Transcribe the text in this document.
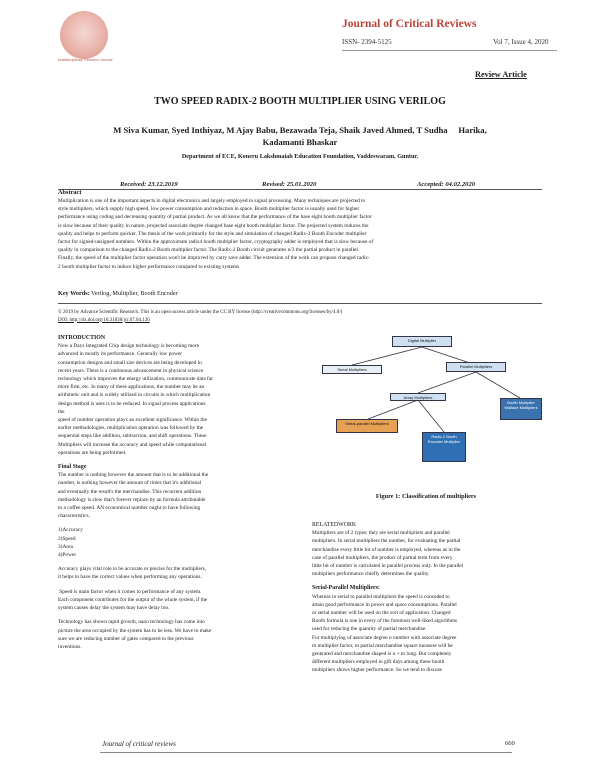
Multidisciplinary Research Journal
Journal of Critical Reviews
ISSN- 2394-5125	Vol 7, Issue 4, 2020
Review Article
TWO SPEED RADIX-2 BOOTH MULTIPLIER USING VERILOG
M Siva Kumar, Syed Inthiyaz, M Ajay Babu, Bezawada Teja, Shaik Javed Ahmed, T Sudha     Harika,
Kadamanti Bhaskar
Department of ECE, Koneru Lakshmaiah Education Foundation, Vaddeswaram, Guntur.
Received: 23.12.2019	Revised: 25.01.2020	Accepted: 04.02.2020
Abstract
Multiplication is one of the important aspects in digital electronics and largely employed in signal processing. Many techniques are projected to
style multipliers, which supply high speed, low power consumption and reduction in space. Booth multiplier factor is usually used for higher
performance using coding and decreasing quantity of partial product. As we all know that the performance of the base eight booth multiplier factor
is slow because of their quality in nature, projected associate degree changed base eight booth multiplier factor. The projected system reduces the
quality and helps to perform quicker. The thesis of the work primarily for the style and simulation of changed Radix-2 Booth Encoder multiplier
factor for signed-unsigned numbers. Within the approximate radix4 booth multiplier factor, cryptography adder is employed that is slow because of
quality in comparison to the changed Radix-2 Booth multiplier factor. The Radix-2 Booth circuit generates n/3 the partial product in parallel.
Finally, the speed of the multiplier factor operation won't be improved by carry save adder. The extension of the work can propose changed radix-
2 booth multiplier factor to induce higher performance compared to existing systems
Key Words: Verilog, Multiplier, Booth Encoder
© 2019 by Advance Scientific Research. This is an open-access article under the CC BY license (http://creativecommons.org/licenses/by/4.0/)
DOI: http://dx.doi.org/10.31838/jcr.07.04.126

INTRODUCTION

Now a Days Integrated Chip design technology is becoming more

advanced in mostly its performance. Generally low power

consumption designs and small size devices are being developed in

recent years. There is a continuous advancement in physical science

technology which improves the energy utilization, communicate data far

more firm, etc. In many of these applications, the number may be an

arithmetic unit and is widely utilized in circuits in which multiplication

design method is uses is to be reduced. In signal process applications

the

speed of number operation plays an excellent significance. Within the

earlier methodologies, multiplication operation was followed by the

sequential steps like addition, subtraction, and shift operations. These

Multipliers will increase the accuracy and speed while computational

operations are being performed.

Final Stage

The number is nothing however the amount that is to be additional the

number, is nothing however the amount of times that it's additional

and eventually the result's the merchandise. This recurrent addition

methodology is slow that's forever replace by an formula attributable

to a coffee speed. AN economical number ought to have following

characteristics.

1)Accuracy

2)Speed

3)Area

4)Power

Accuracy plays vital role to be accurate or precise for the multipliers,

it helps to have the correct values when performing any operations.

Speed is main factor when it comes to performance of any system.

Each component contributes for the output of the whole system, if the

system causes delay the system may have delay too.

Technology has shown rapid growth, nano technology has come into

picture the area occupied by the system has to be less. We have to make

sure we are reducing number of gates compared to the previous

inventions.

Digital Multiplier
Serial Multipliers
Parallel Multipliers
Array Multipliers
Booth Multiplier
Wallace Multipliers
Serial-parallel Multipliers
Radix-2 Booth Encoder Multiplier
Figure 1: Classification of multipliers

RELATEDWORK

Multipliers are of 2 types; they are serial multipliers and parallel

multipliers. In serial multipliers the number, for evaluating the partial

merchandise every little bit of number is employed, whereas as in the

case of parallel multipliers, the product of partial term from every

little bit of number is calculated in parallel process only. In the parallel

multipliers performance chiefly determines the quality.

Serial-Parallel Multipliers:

Whereas in serial to parallel multipliers the speed is conceded to

attain good performance in power and space consumptions. Parallel

or serial number will be used on the sort of application. Changed

Booth formula is one in every of the foremost well-liked algorithms

used for reducing the quantity of partial merchandise.

For multiplying of associate degree n number with associate degree

m multiplier factor, m partial merchandise square measure will be

generated and merchandise shaped is n + m long. But completely

different multipliers employed in gift days among these booth

multipliers shows higher performance. So we tend to discuss

Journal of critical reviews	660
